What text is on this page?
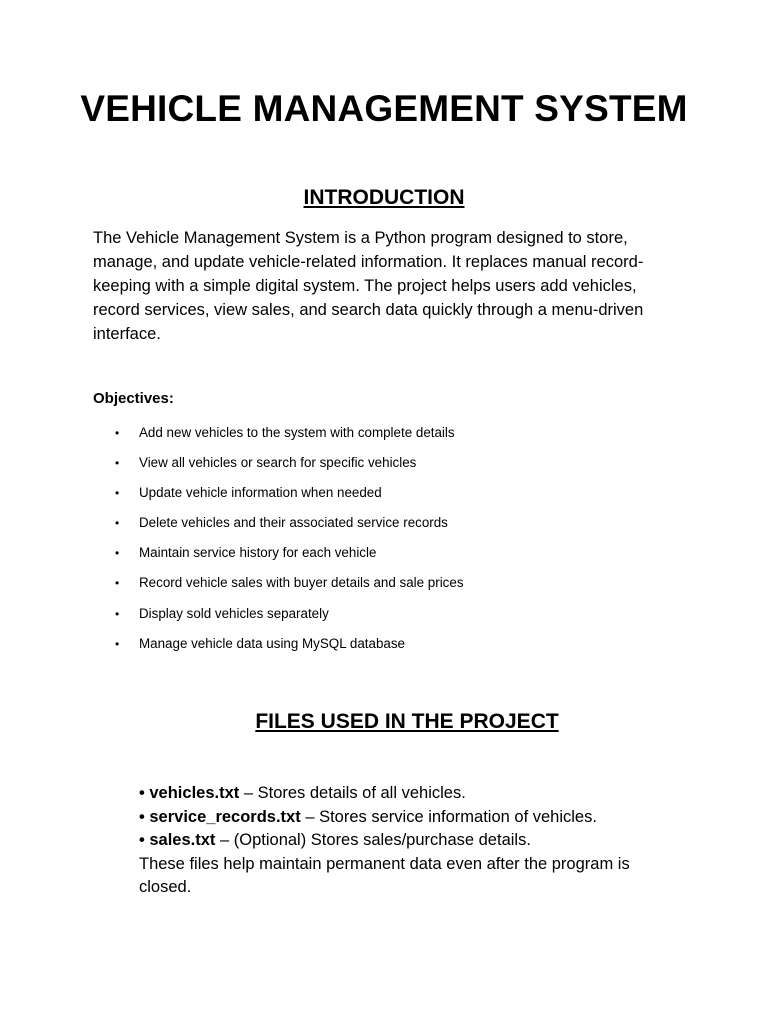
VEHICLE MANAGEMENT SYSTEM
INTRODUCTION
The Vehicle Management System is a Python program designed to store, manage, and update vehicle-related information. It replaces manual record-keeping with a simple digital system. The project helps users add vehicles, record services, view sales, and search data quickly through a menu-driven interface.
Objectives:
• Add new vehicles to the system with complete details
• View all vehicles or search for specific vehicles
• Update vehicle information when needed
• Delete vehicles and their associated service records
• Maintain service history for each vehicle
• Record vehicle sales with buyer details and sale prices
• Display sold vehicles separately
• Manage vehicle data using MySQL database
FILES USED IN THE PROJECT
• vehicles.txt – Stores details of all vehicles.
• service_records.txt – Stores service information of vehicles.
• sales.txt – (Optional) Stores sales/purchase details.
These files help maintain permanent data even after the program is closed.
